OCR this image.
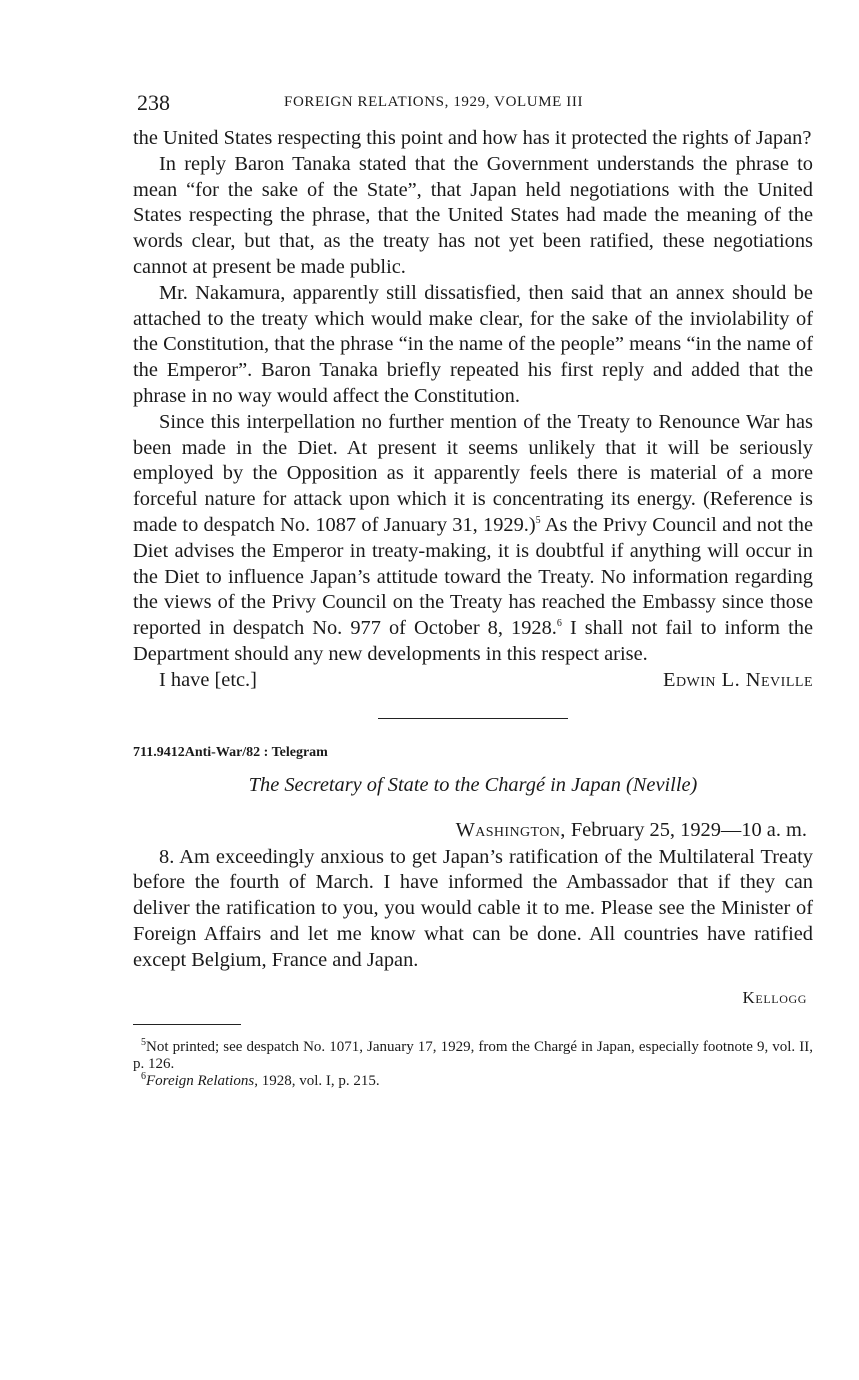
238	FOREIGN RELATIONS, 1929, VOLUME III

the United States respecting this point and how has it protected the rights of Japan?

In reply Baron Tanaka stated that the Government understands the phrase to mean “for the sake of the State”, that Japan held negotiations with the United States respecting the phrase, that the United States had made the meaning of the words clear, but that, as the treaty has not yet been ratified, these negotiations cannot at present be made public.

Mr. Nakamura, apparently still dissatisfied, then said that an annex should be attached to the treaty which would make clear, for the sake of the inviolability of the Constitution, that the phrase “in the name of the people” means “in the name of the Emperor”. Baron Tanaka briefly repeated his first reply and added that the phrase in no way would affect the Constitution.

Since this interpellation no further mention of the Treaty to Renounce War has been made in the Diet. At present it seems unlikely that it will be seriously employed by the Opposition as it apparently feels there is material of a more forceful nature for attack upon which it is concentrating its energy. (Reference is made to despatch No. 1087 of January 31, 1929.)$^5$ As the Privy Council and not the Diet advises the Emperor in treaty-making, it is doubtful if anything will occur in the Diet to influence Japan’s attitude toward the Treaty. No information regarding the views of the Privy Council on the Treaty has reached the Embassy since those reported in despatch No. 977 of October 8, 1928.$^6$ I shall not fail to inform the Department should any new developments in this respect arise.

I have [etc.]	Edwin L. Neville
711.9412Anti-War/82 : Telegram
The Secretary of State to the Chargé in Japan (Neville)
Washington, February 25, 1929—10 a. m.

8. Am exceedingly anxious to get Japan’s ratification of the Multilateral Treaty before the fourth of March. I have informed the Ambassador that if they can deliver the ratification to you, you would cable it to me. Please see the Minister of Foreign Affairs and let me know what can be done. All countries have ratified except Belgium, France and Japan.

Kellogg

$^5$Not printed; see despatch No. 1071, January 17, 1929, from the Chargé in Japan, especially footnote 9, vol. II, p. 126.

$^6$Foreign Relations, 1928, vol. I, p. 215.
